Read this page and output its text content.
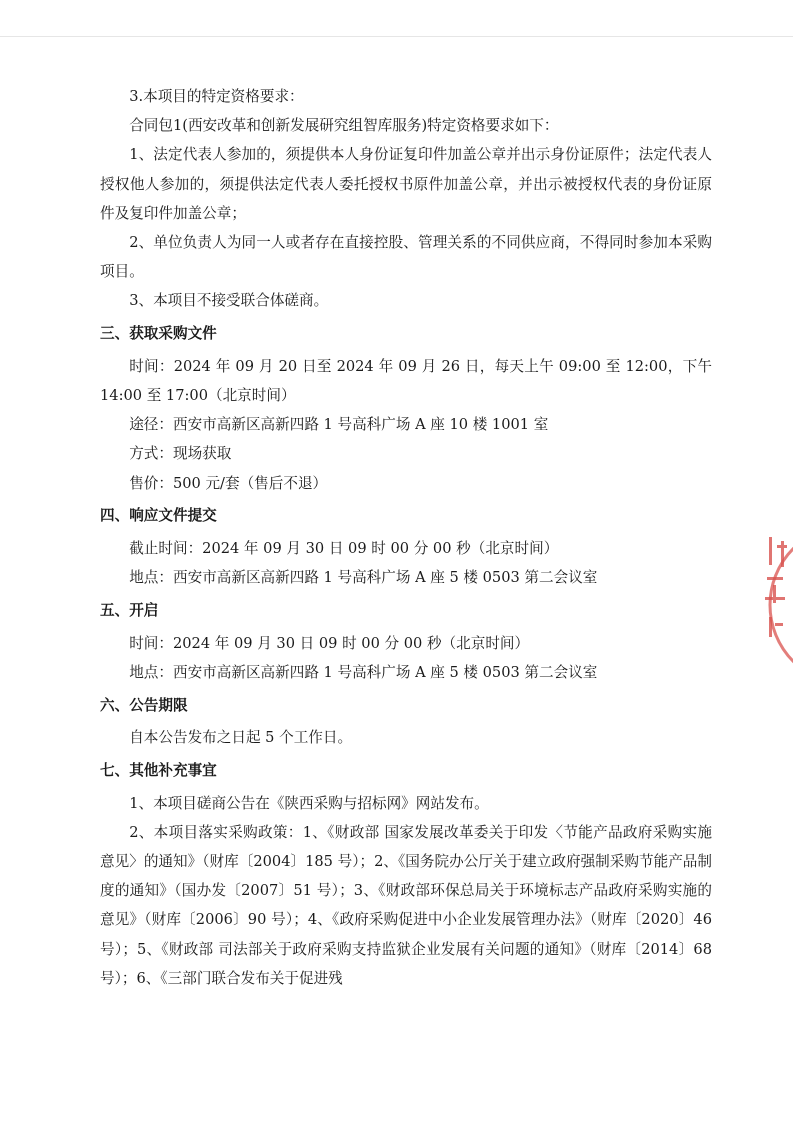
3.本项目的特定资格要求：

合同包1(西安改革和创新发展研究组智库服务)特定资格要求如下：

1、法定代表人参加的，须提供本人身份证复印件加盖公章并出示身份证原件；法定代表人授权他人参加的，须提供法定代表人委托授权书原件加盖公章，并出示被授权代表的身份证原件及复印件加盖公章；

2、单位负责人为同一人或者存在直接控股、管理关系的不同供应商，不得同时参加本采购项目。

3、本项目不接受联合体磋商。

三、获取采购文件

时间：2024 年 09 月 20 日至 2024 年 09 月 26 日，每天上午 09:00 至 12:00，下午 14:00 至 17:00（北京时间）

途径：西安市高新区高新四路 1 号高科广场 A 座 10 楼 1001 室

方式：现场获取

售价：500 元/套（售后不退）

四、响应文件提交

截止时间：2024 年 09 月 30 日 09 时 00 分 00 秒（北京时间）

地点：西安市高新区高新四路 1 号高科广场 A 座 5 楼 0503 第二会议室

五、开启

时间：2024 年 09 月 30 日 09 时 00 分 00 秒（北京时间）

地点：西安市高新区高新四路 1 号高科广场 A 座 5 楼 0503 第二会议室

六、公告期限

自本公告发布之日起 5 个工作日。

七、其他补充事宜

1、本项目磋商公告在《陕西采购与招标网》网站发布。

2、本项目落实采购政策：1、《财政部 国家发展改革委关于印发〈节能产品政府采购实施意见〉的通知》（财库〔2004〕185 号）；2、《国务院办公厅关于建立政府强制采购节能产品制度的通知》（国办发〔2007〕51 号）；3、《财政部环保总局关于环境标志产品政府采购实施的意见》（财库〔2006〕90 号）；4、《政府采购促进中小企业发展管理办法》（财库〔2020〕46 号）；5、《财政部 司法部关于政府采购支持监狱企业发展有关问题的通知》（财库〔2014〕68 号）；6、《三部门联合发布关于促进残
